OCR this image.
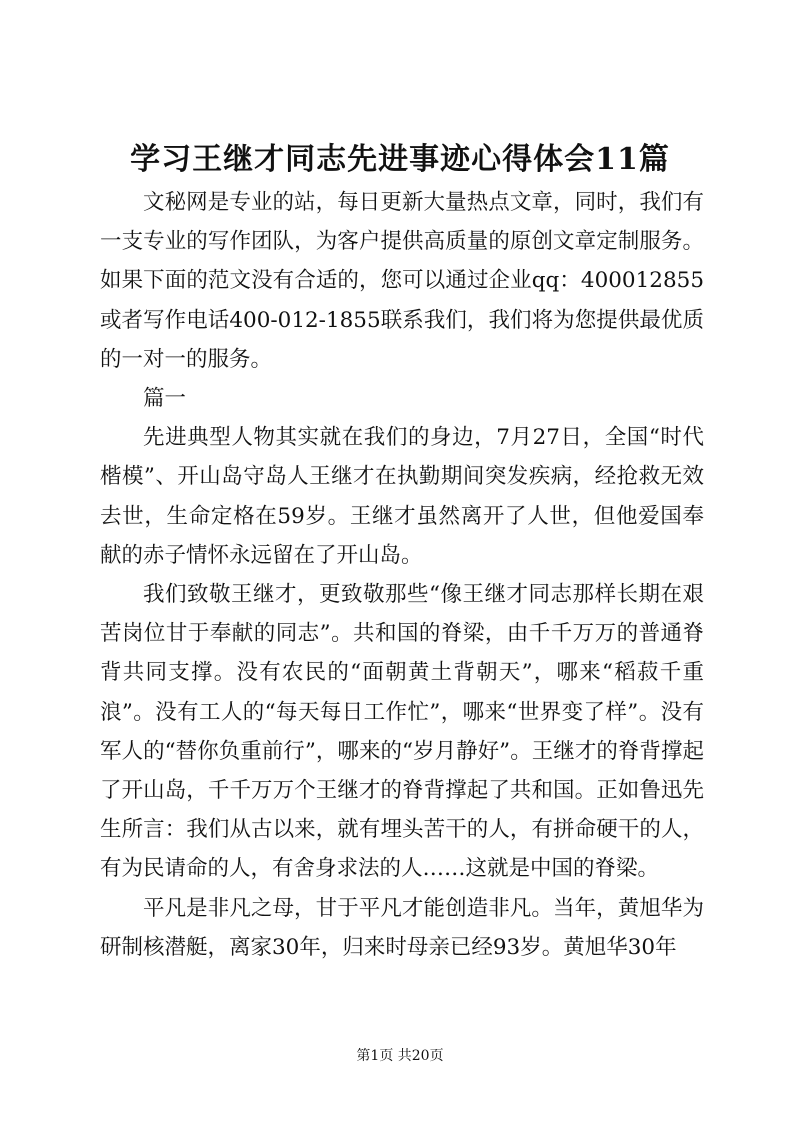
学习王继才同志先进事迹心得体会11篇

文秘网是专业的站，每日更新大量热点文章，同时，我们有一支专业的写作团队，为客户提供高质量的原创文章定制服务。如果下面的范文没有合适的，您可以通过企业qq：400012855或者写作电话400-012-1855联系我们，我们将为您提供最优质的一对一的服务。

篇一

先进典型人物其实就在我们的身边，7月27日，全国“时代楷模”、开山岛守岛人王继才在执勤期间突发疾病，经抢救无效去世，生命定格在59岁。王继才虽然离开了人世，但他爱国奉献的赤子情怀永远留在了开山岛。

我们致敬王继才，更致敬那些“像王继才同志那样长期在艰苦岗位甘于奉献的同志”。共和国的脊梁，由千千万万的普通脊背共同支撑。没有农民的“面朝黄土背朝天”，哪来“稻菽千重浪”。没有工人的“每天每日工作忙”，哪来“世界变了样”。没有军人的“替你负重前行”，哪来的“岁月静好”。王继才的脊背撑起了开山岛，千千万万个王继才的脊背撑起了共和国。正如鲁迅先生所言：我们从古以来，就有埋头苦干的人，有拼命硬干的人，有为民请命的人，有舍身求法的人……这就是中国的脊梁。

平凡是非凡之母，甘于平凡才能创造非凡。当年，黄旭华为研制核潜艇，离家30年，归来时母亲已经93岁。黄旭华30年

第1页 共20页
